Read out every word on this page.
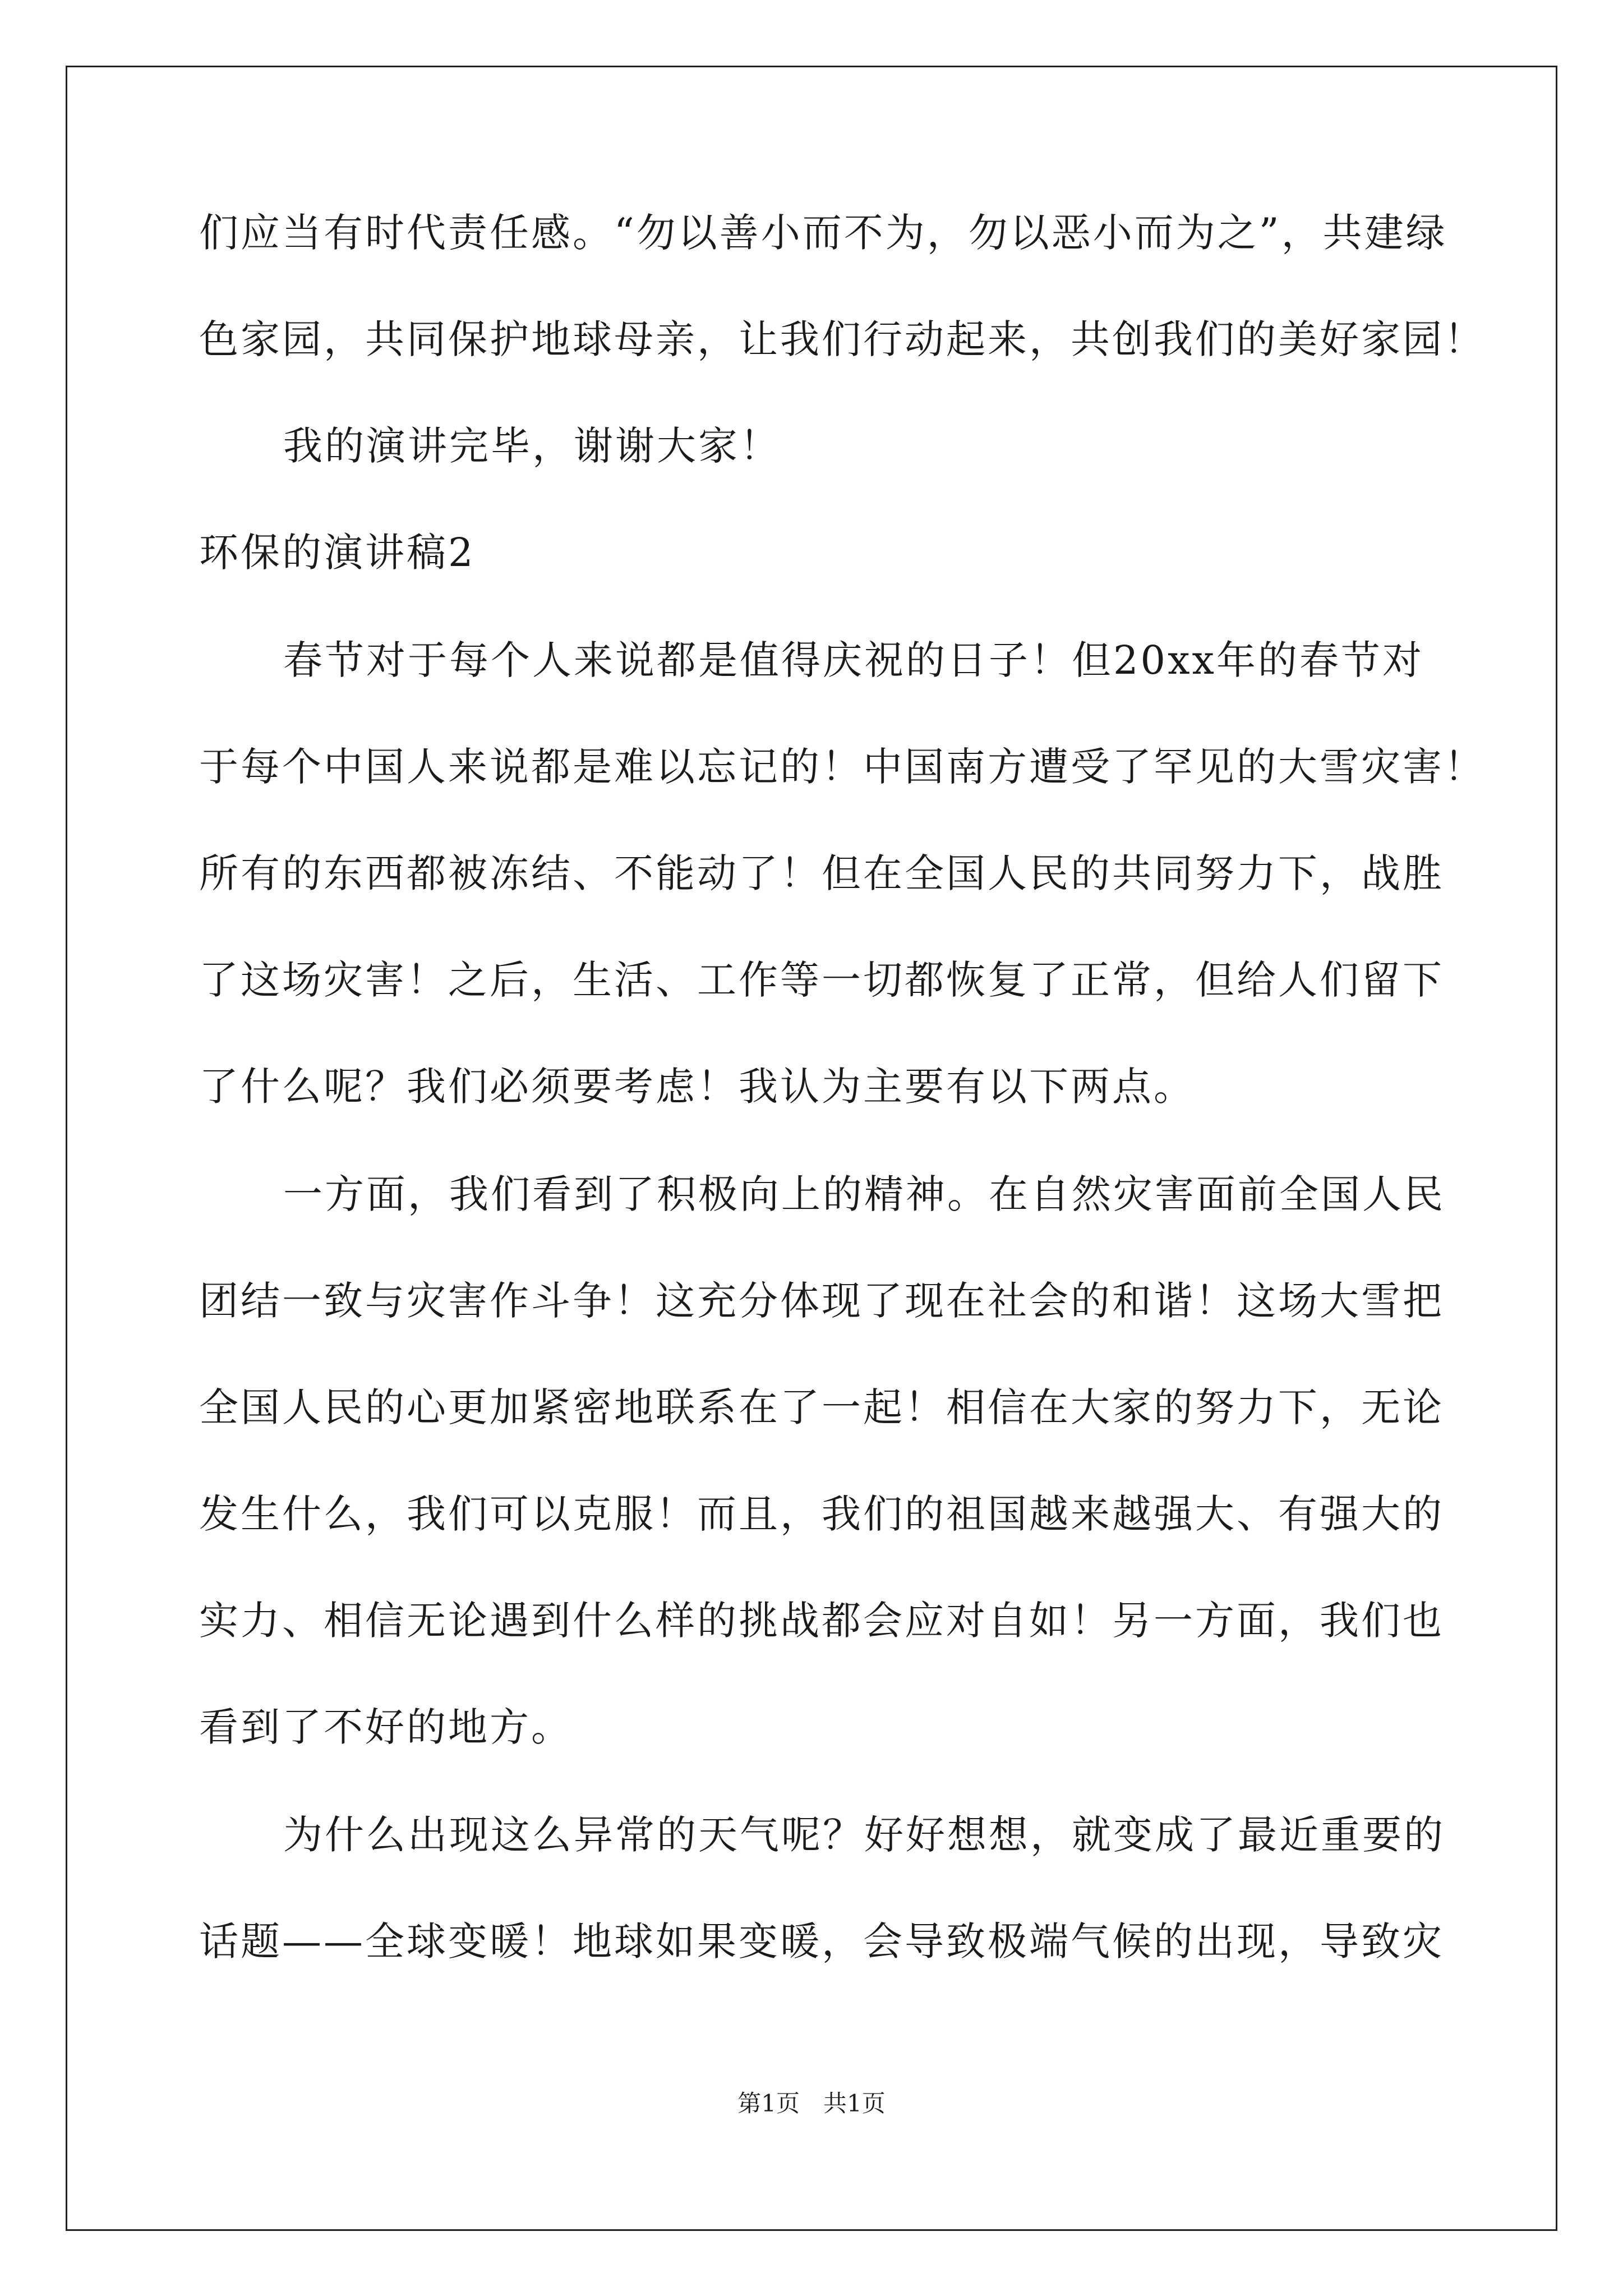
们应当有时代责任感。“勿以善小而不为，勿以恶小而为之”，共建绿
色家园，共同保护地球母亲，让我们行动起来，共创我们的美好家园！
我的演讲完毕，谢谢大家！
环保的演讲稿2
春节对于每个人来说都是值得庆祝的日子！但20xx年的春节对
于每个中国人来说都是难以忘记的！中国南方遭受了罕见的大雪灾害！
所有的东西都被冻结、不能动了！但在全国人民的共同努力下，战胜
了这场灾害！之后，生活、工作等一切都恢复了正常，但给人们留下
了什么呢？我们必须要考虑！我认为主要有以下两点。
一方面，我们看到了积极向上的精神。在自然灾害面前全国人民
团结一致与灾害作斗争！这充分体现了现在社会的和谐！这场大雪把
全国人民的心更加紧密地联系在了一起！相信在大家的努力下，无论
发生什么，我们可以克服！而且，我们的祖国越来越强大、有强大的
实力、相信无论遇到什么样的挑战都会应对自如！另一方面，我们也
看到了不好的地方。
为什么出现这么异常的天气呢？好好想想，就变成了最近重要的
话题——全球变暖！地球如果变暖，会导致极端气候的出现，导致灾
第1页　共1页
